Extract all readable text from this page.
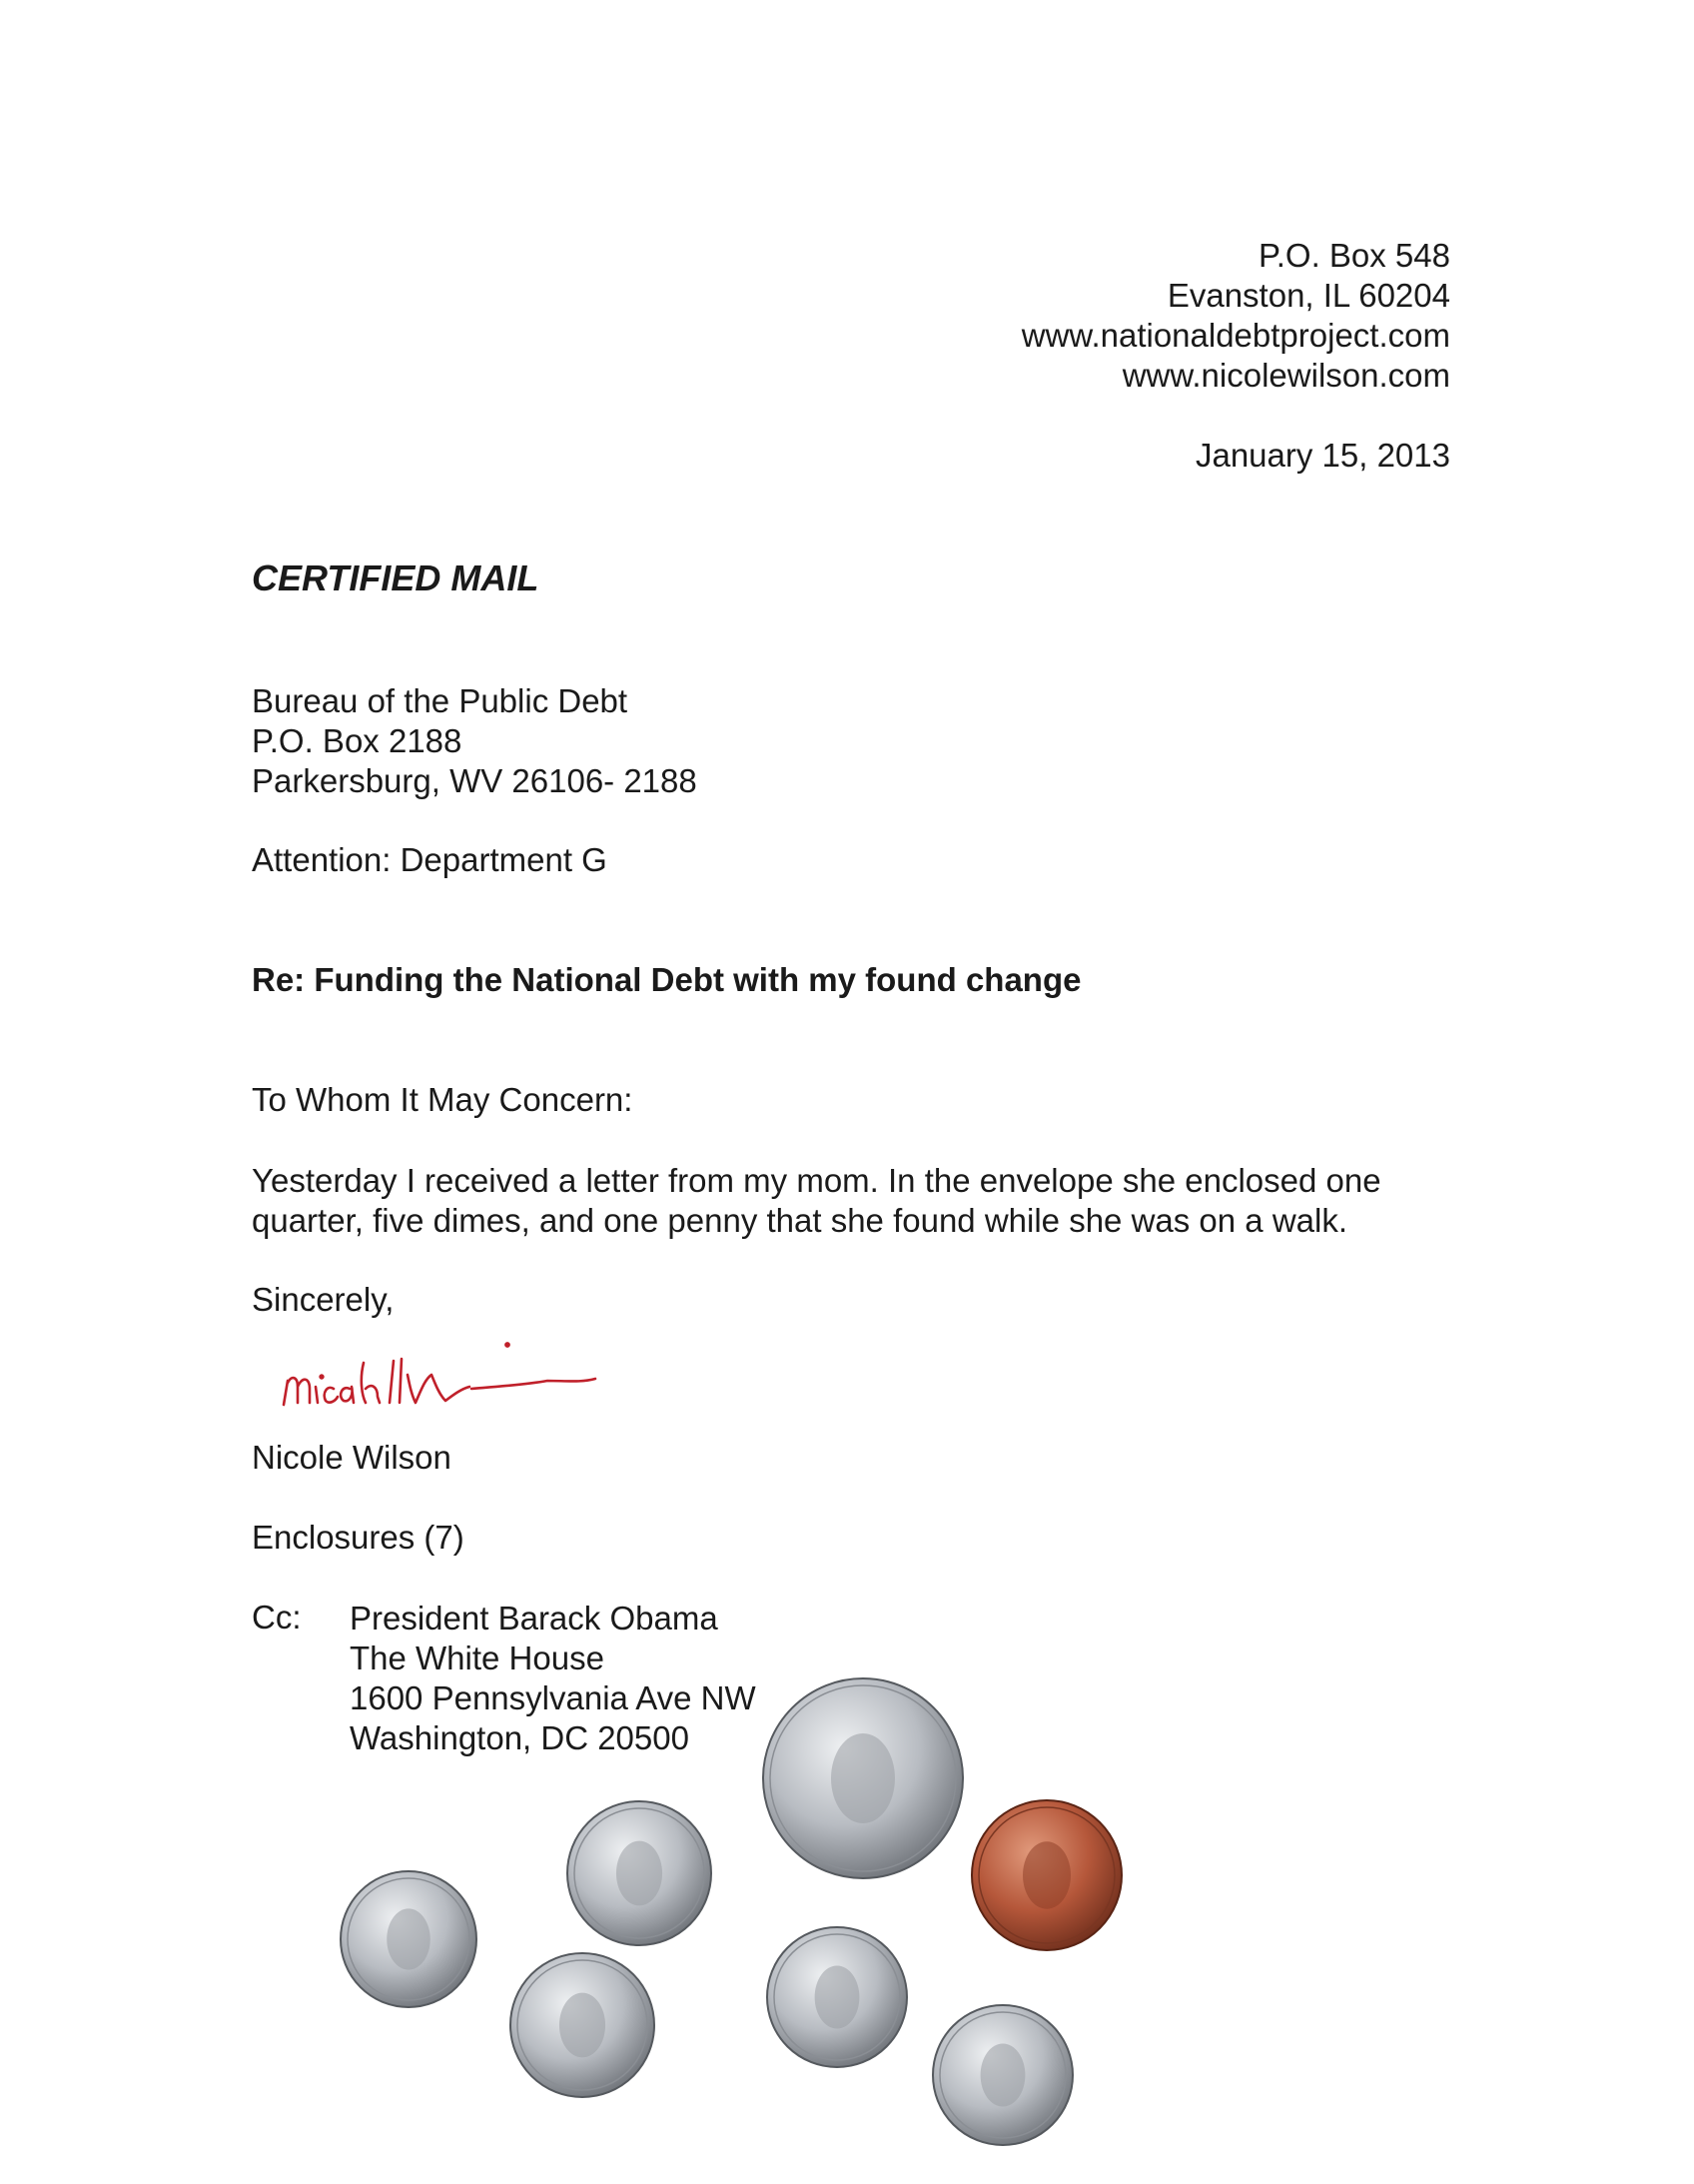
P.O. Box 548
Evanston, IL 60204
www.nationaldebtproject.com
www.nicolewilson.com
January 15, 2013
CERTIFIED MAIL
Bureau of the Public Debt
P.O. Box 2188
Parkersburg, WV 26106- 2188
Attention: Department G
Re: Funding the National Debt with my found change
To Whom It May Concern:
Yesterday I received a letter from my mom. In the envelope she enclosed one quarter, five dimes, and one penny that she found while she was on a walk.
Sincerely,
Nicole Wilson
Enclosures (7)
Cc: President Barack Obama
The White House
1600 Pennsylvania Ave NW
Washington, DC 20500
